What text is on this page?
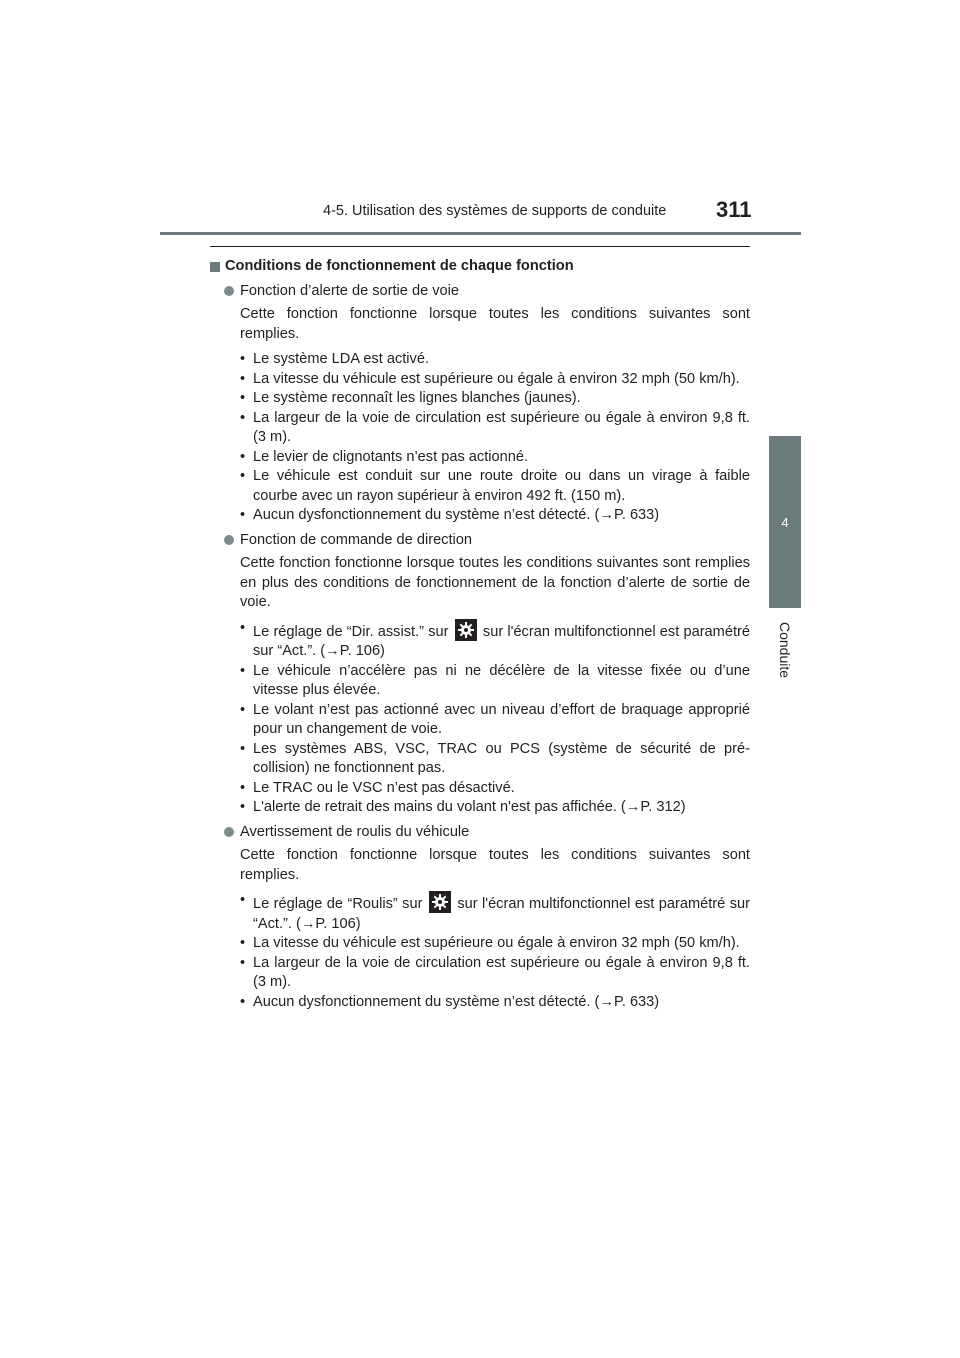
4-5. Utilisation des systèmes de supports de conduite 311
4
Conduite
Conditions de fonctionnement de chaque fonction
Fonction d’alerte de sortie de voie

Cette fonction fonctionne lorsque toutes les conditions suivantes sont remplies.

• Le système LDA est activé.
• La vitesse du véhicule est supérieure ou égale à environ 32 mph (50 km/h).
• Le système reconnaît les lignes blanches (jaunes).
• La largeur de la voie de circulation est supérieure ou égale à environ 9,8 ft. (3 m).
• Le levier de clignotants n’est pas actionné.
• Le véhicule est conduit sur une route droite ou dans un virage à faible courbe avec un rayon supérieur à environ 492 ft. (150 m).
• Aucun dysfonctionnement du système n’est détecté. (→P. 633)
Fonction de commande de direction

Cette fonction fonctionne lorsque toutes les conditions suivantes sont remplies en plus des conditions de fonctionnement de la fonction d’alerte de sortie de voie.

• Le réglage de “Dir. assist.” sur sur l'écran multifonctionnel est paramétré sur “Act.”. (→P. 106)
• Le véhicule n’accélère pas ni ne décélère de la vitesse fixée ou d’une vitesse plus élevée.
• Le volant n’est pas actionné avec un niveau d’effort de braquage approprié pour un changement de voie.
• Les systèmes ABS, VSC, TRAC ou PCS (système de sécurité de pré-collision) ne fonctionnent pas.
• Le TRAC ou le VSC n’est pas désactivé.
• L'alerte de retrait des mains du volant n'est pas affichée. (→P. 312)
Avertissement de roulis du véhicule

Cette fonction fonctionne lorsque toutes les conditions suivantes sont remplies.

• Le réglage de “Roulis” sur sur l'écran multifonctionnel est paramétré sur “Act.”. (→P. 106)
• La vitesse du véhicule est supérieure ou égale à environ 32 mph (50 km/h).
• La largeur de la voie de circulation est supérieure ou égale à environ 9,8 ft. (3 m).
• Aucun dysfonctionnement du système n’est détecté. (→P. 633)
